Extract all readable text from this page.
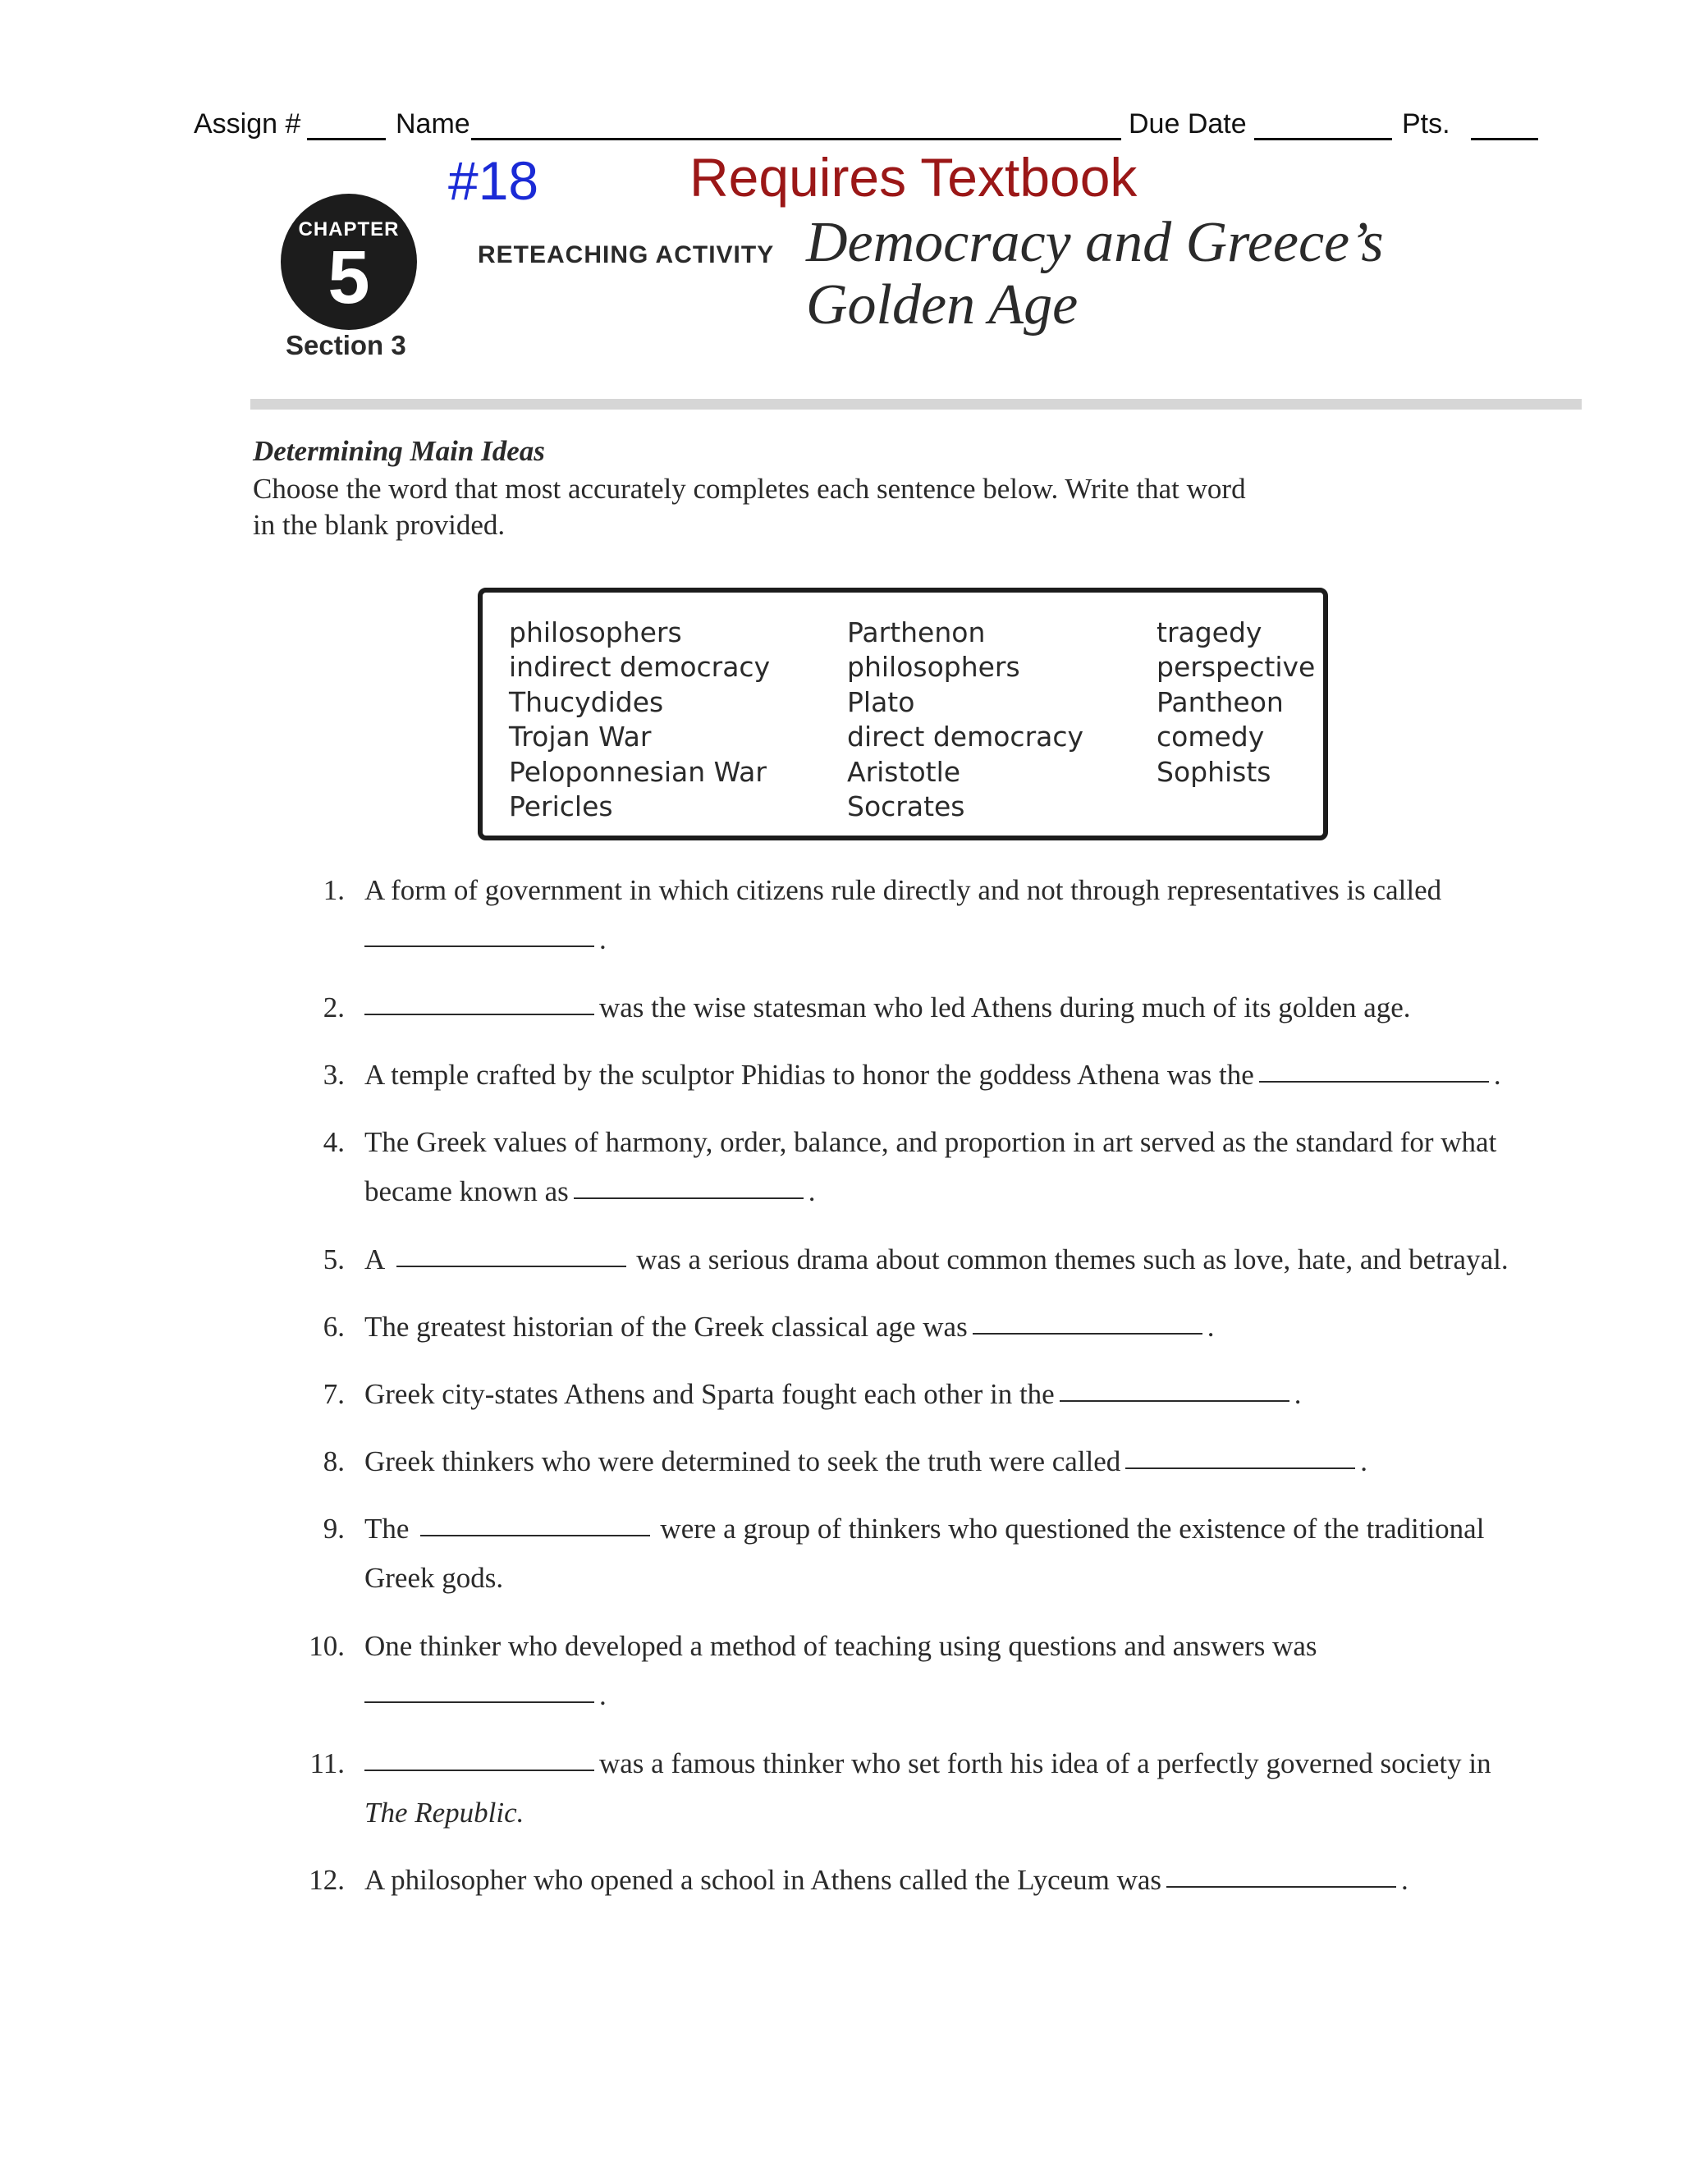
Assign #	Name	Due Date	Pts.
#18	Requires Textbook
CHAPTER
5
Section 3
RETEACHING ACTIVITY Democracy and Greece’s
Golden Age
Determining Main Ideas
Choose the word that most accurately completes each sentence below. Write that word
in the blank provided.
philosophers
indirect democracy
Thucydides
Trojan War
Peloponnesian War
Pericles
Parthenon
philosophers
Plato
direct democracy
Aristotle
Socrates
tragedy
perspective
Pantheon
comedy
Sophists
1. A form of government in which citizens rule directly and not through representatives is called
.
2.	was the wise statesman who led Athens during much of its golden age.
3. A temple crafted by the sculptor Phidias to honor the goddess Athena was the	.
4. The Greek values of harmony, order, balance, and proportion in art served as the standard for what
became known as	.
5. A	was a serious drama about common themes such as love, hate, and betrayal.
6. The greatest historian of the Greek classical age was	.
7. Greek city-states Athens and Sparta fought each other in the	.
8. Greek thinkers who were determined to seek the truth were called	.
9. The	were a group of thinkers who questioned the existence of the traditional
Greek gods.
10. One thinker who developed a method of teaching using questions and answers was
.
11.	was a famous thinker who set forth his idea of a perfectly governed society in
The Republic.
12. A philosopher who opened a school in Athens called the Lyceum was	.
